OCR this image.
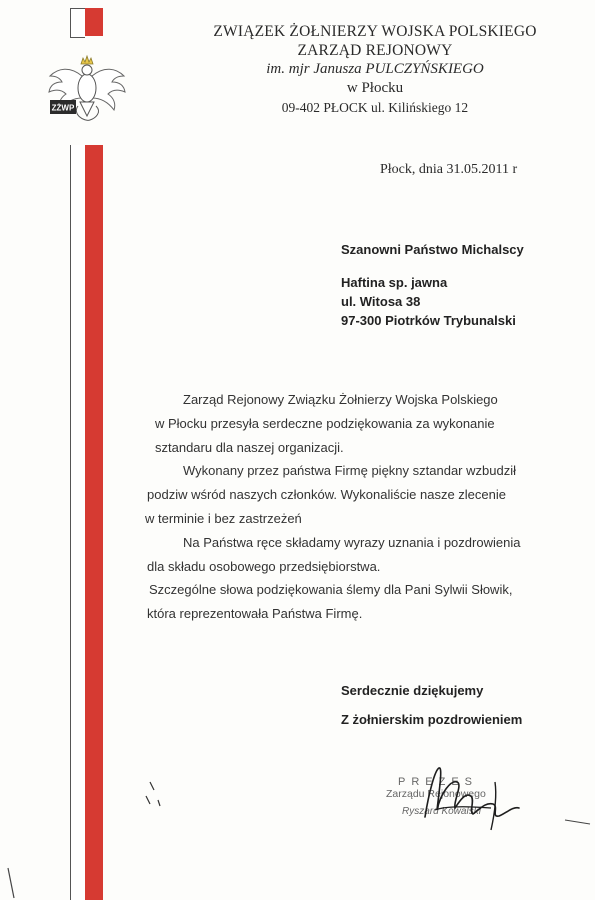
ZŻWP
ZWIĄZEK ŻOŁNIERZY WOJSKA POLSKIEGO
ZARZĄD REJONOWY
im. mjr Janusza PULCZYŃSKIEGO
w Płocku
09-402 PŁOCK ul. Kilińskiego 12
Płock, dnia 31.05.2011 r
Szanowni Państwo Michalscy
Haftina sp. jawna
ul. Witosa 38
97-300 Piotrków Trybunalski
Zarząd Rejonowy Związku Żołnierzy Wojska Polskiego
w Płocku przesyła serdeczne podziękowania za wykonanie
sztandaru dla naszej organizacji.
Wykonany przez państwa Firmę piękny sztandar wzbudził
podziw wśród naszych członków. Wykonaliście nasze zlecenie
w terminie i bez zastrzeżeń
Na Państwa ręce składamy wyrazy uznania i pozdrowienia
dla składu osobowego przedsiębiorstwa.
Szczególne słowa podziękowania ślemy dla Pani Sylwii Słowik,
która reprezentowała Państwa Firmę.
Serdecznie dziękujemy
Z żołnierskim pozdrowieniem
PREZES
Zarządu Rejonowego
Ryszard Kowalski
